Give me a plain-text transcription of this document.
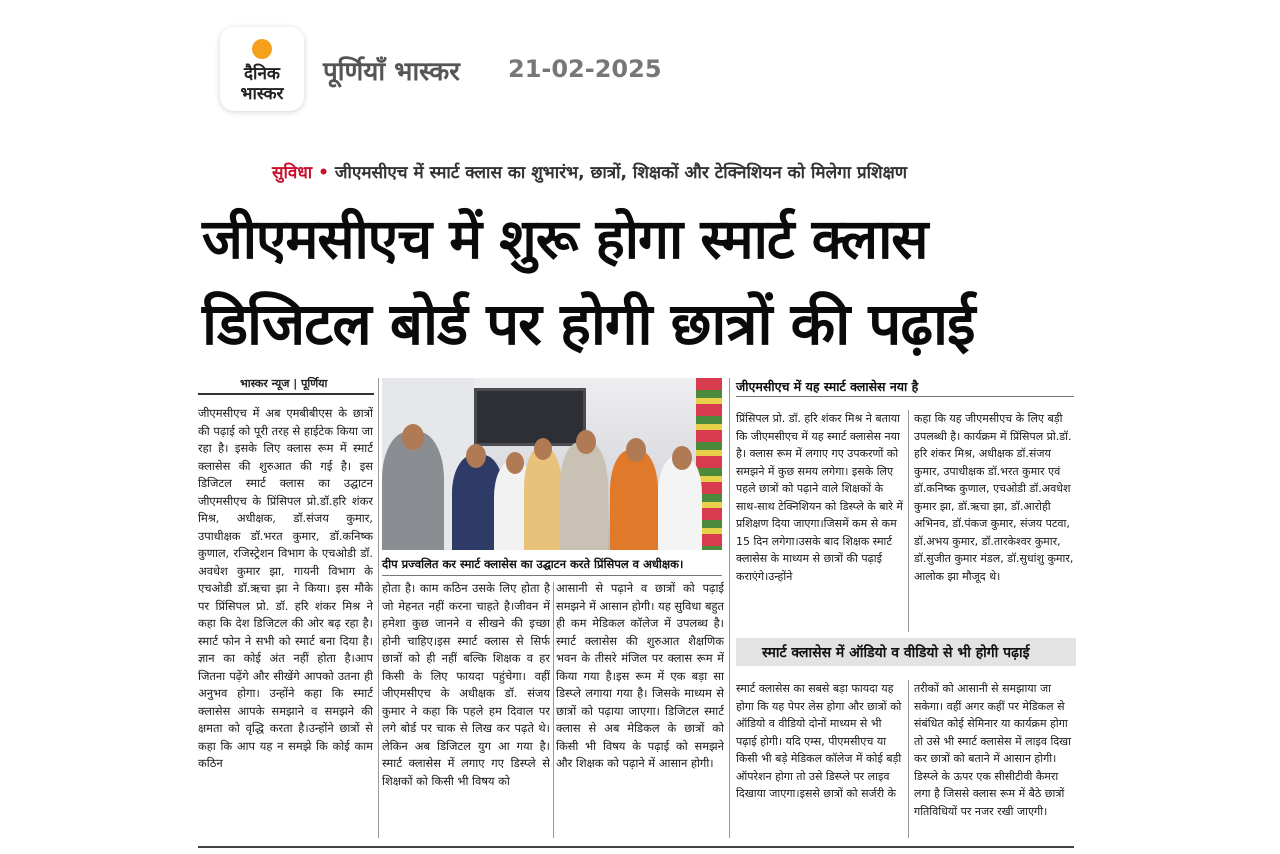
दैनिक
भास्कर
पूर्णियाँ भास्कर 21-02-2025
सुविधा • जीएमसीएच में स्मार्ट क्लास का शुभारंभ, छात्रों, शिक्षकों और टेक्निशियन को मिलेगा प्रशिक्षण
जीएमसीएच में शुरू होगा स्मार्ट क्लास
डिजिटल बोर्ड पर होगी छात्रों की पढ़ाई
भास्कर न्यूज | पूर्णिया
जीएमसीएच में अब एमबीबीएस के छात्रों की पढ़ाई को पूरी तरह से हाईटेक किया जा रहा है। इसके लिए क्लास रूम में स्मार्ट क्लासेस की शुरुआत की गई है। इस डिजिटल स्मार्ट क्लास का उद्घाटन जीएमसीएच के प्रिंसिपल प्रो.डॉ.हरि शंकर मिश्र, अधीक्षक, डॉ.संजय कुमार, उपाधीक्षक डॉ.भरत कुमार, डॉ.कनिष्क कुणाल, रजिस्ट्रेशन विभाग के एचओडी डॉ. अवधेश कुमार झा, गायनी विभाग के एचओडी डॉ.ऋचा झा ने किया। इस मौके पर प्रिंसिपल प्रो. डॉ. हरि शंकर मिश्र ने कहा कि देश डिजिटल की ओर बढ़ रहा है।स्मार्ट फोन ने सभी को स्मार्ट बना दिया है।ज्ञान का कोई अंत नहीं होता है।आप जितना पढ़ेंगे और सीखेंगे आपको उतना ही अनुभव होगा। उन्होंने कहा कि स्मार्ट क्लासेस आपके समझाने व समझने की क्षमता को वृद्धि करता है।उन्होंने छात्रों से कहा कि आप यह न समझे कि कोई काम कठिन
दीप प्रज्वलित कर स्मार्ट क्लासेस का उद्घाटन करते प्रिंसिपल व अधीक्षक।
होता है। काम कठिन उसके लिए होता है जो मेहनत नहीं करना चाहते है।जीवन में हमेशा कुछ जानने व सीखने की इच्छा होनी चाहिए।इस स्मार्ट क्लास से सिर्फ छात्रों को ही नहीं बल्कि शिक्षक व हर किसी के लिए फायदा पहुंचेगा। वहीं जीएमसीएच के अधीक्षक डॉ. संजय कुमार ने कहा कि पहले हम दिवाल पर लगे बोर्ड पर चाक से लिख कर पढ़ते थे। लेकिन अब डिजिटल युग आ गया है। स्मार्ट क्लासेस में लगाए गए डिस्प्ले से शिक्षकों को किसी भी विषय को
आसानी से पढ़ाने व छात्रों को पढ़ाई समझने में आसान होगी। यह सुविधा बहुत ही कम मेडिकल कॉलेज में उपलब्ध है। स्मार्ट क्लासेस की शुरुआत शैक्षणिक भवन के तीसरे मंजिल पर क्लास रूम में किया गया है।इस रूम में एक बड़ा सा डिस्प्ले लगाया गया है। जिसके माध्यम से छात्रों को पढ़ाया जाएगा। डिजिटल स्मार्ट क्लास से अब मेडिकल के छात्रों को किसी भी विषय के पढ़ाई को समझने और शिक्षक को पढ़ाने में आसान होगी।
जीएमसीएच में यह स्मार्ट क्लासेस नया है
प्रिंसिपल प्रो. डॉ. हरि शंकर मिश्र ने बताया कि जीएमसीएच में यह स्मार्ट क्लासेस नया है। क्लास रूम में लगाए गए उपकरणों को समझने में कुछ समय लगेगा। इसके लिए पहले छात्रों को पढ़ाने वाले शिक्षकों के साथ-साथ टेक्निशियन को डिस्प्ले के बारे में प्रशिक्षण दिया जाएगा।जिसमें कम से कम 15 दिन लगेगा।उसके बाद शिक्षक स्मार्ट क्लासेस के माध्यम से छात्रों की पढ़ाई कराएंगे।उन्होंने
कहा कि यह जीएमसीएच के लिए बड़ी उपलब्धी है। कार्यक्रम में प्रिंसिपल प्रो.डॉ. हरि शंकर मिश्र, अधीक्षक डॉ.संजय कुमार, उपाधीक्षक डॉ.भरत कुमार एवं डॉ.कनिष्क कुणाल, एचओडी डॉ.अवधेश कुमार झा, डॉ.ऋचा झा, डॉ.आरोही अभिनव, डॉ.पंकज कुमार, संजय पटवा, डॉ.अभय कुमार, डॉ.तारकेश्वर कुमार, डॉ.सुजीत कुमार मंडल, डॉ.सुधांशु कुमार, आलोक झा मौजूद थे।
स्मार्ट क्लासेस में ऑडियो व वीडियो से भी होगी पढ़ाई
स्मार्ट क्लासेस का सबसे बड़ा फायदा यह होगा कि यह पेपर लेस होगा और छात्रों को ऑडियो व वीडियो दोनों माध्यम से भी पढ़ाई होगी। यदि एम्स, पीएमसीएच या किसी भी बड़े मेडिकल कॉलेज में कोई बड़ी ऑपरेशन होगा तो उसे डिस्प्ले पर लाइव दिखाया जाएगा।इससे छात्रों को सर्जरी के
तरीकों को आसानी से समझाया जा सकेगा। वहीं अगर कहीं पर मेडिकल से संबंधित कोई सेमिनार या कार्यक्रम होगा तो उसे भी स्मार्ट क्लासेस में लाइव दिखा कर छात्रों को बताने में आसान होगी। डिस्प्ले के ऊपर एक सीसीटीवी कैमरा लगा है जिससे क्लास रूम में बैठे छात्रों गतिविधियों पर नजर रखी जाएगी।
